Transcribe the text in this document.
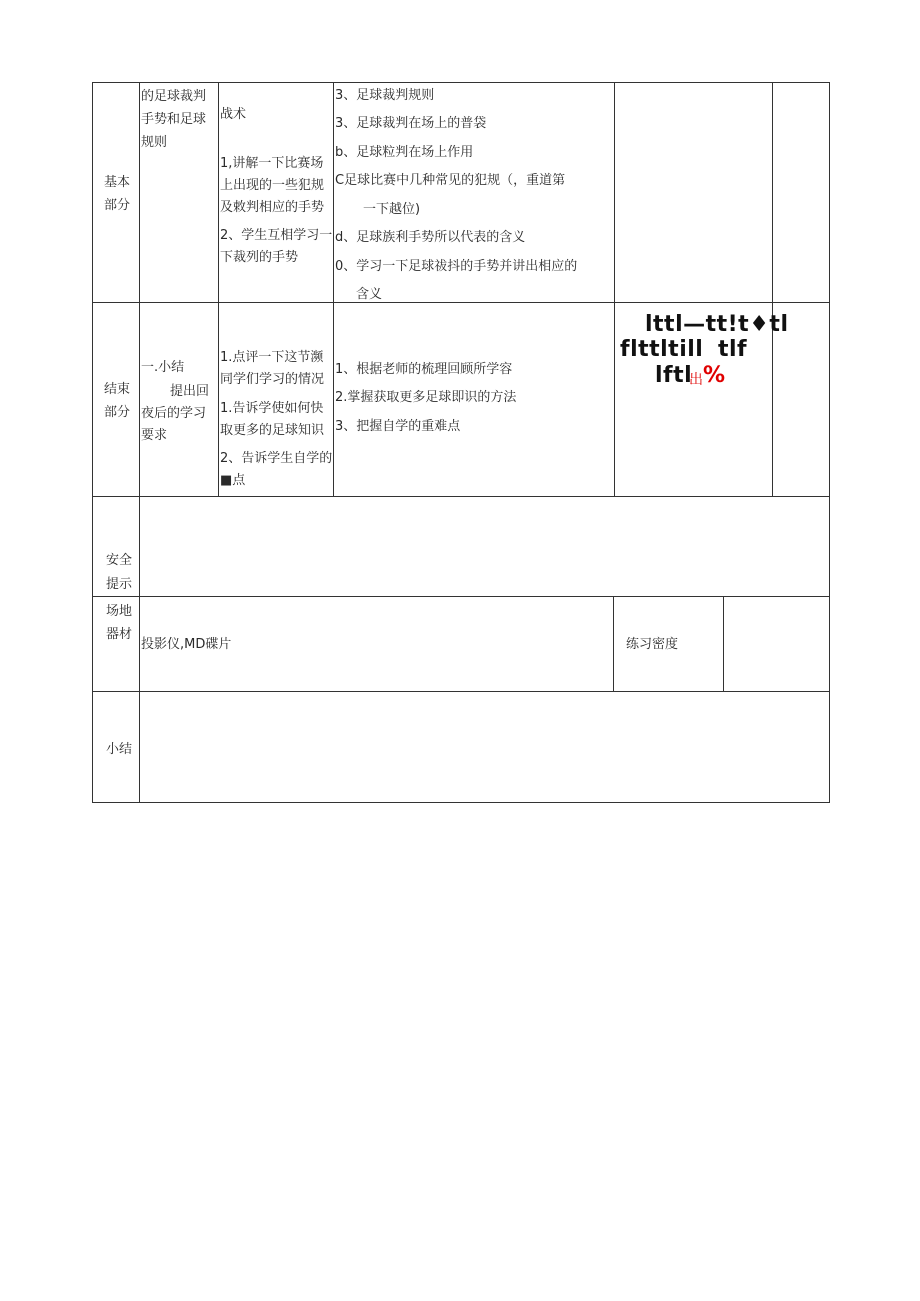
基本
部分
的足球裁判
手势和足球
规则
战术
1,讲解一下比赛场
上出现的一些犯规
及敕判相应的手势
2、学生互相学习一
下裁列的手势
3、足球裁判规则
3、足球裁判在场上的普袋
b、足球粒判在场上作用
C足球比赛中几种常见的犯规（，重道第
一下越位)
d、足球族利手势所以代表的含义
0、学习一下足球祓抖的手势并讲出相应的
含义
结束
部分
一.小结
提出回
夜后的学习
要求
1.点评一下这节濒
同学们学习的情况
1.告诉学使如何快
取更多的足球知识
2、告诉学生自学的
■点
1、根据老师的梳理回顾所学容
2.掌握获取更多足球即识的方法
3、把握自学的重难点
lttl—tt!t♦tl
flttltill tlf
lftl
出 %
安全
提示
场地
器材
投影仪,MD碟片	练习密度
小结
